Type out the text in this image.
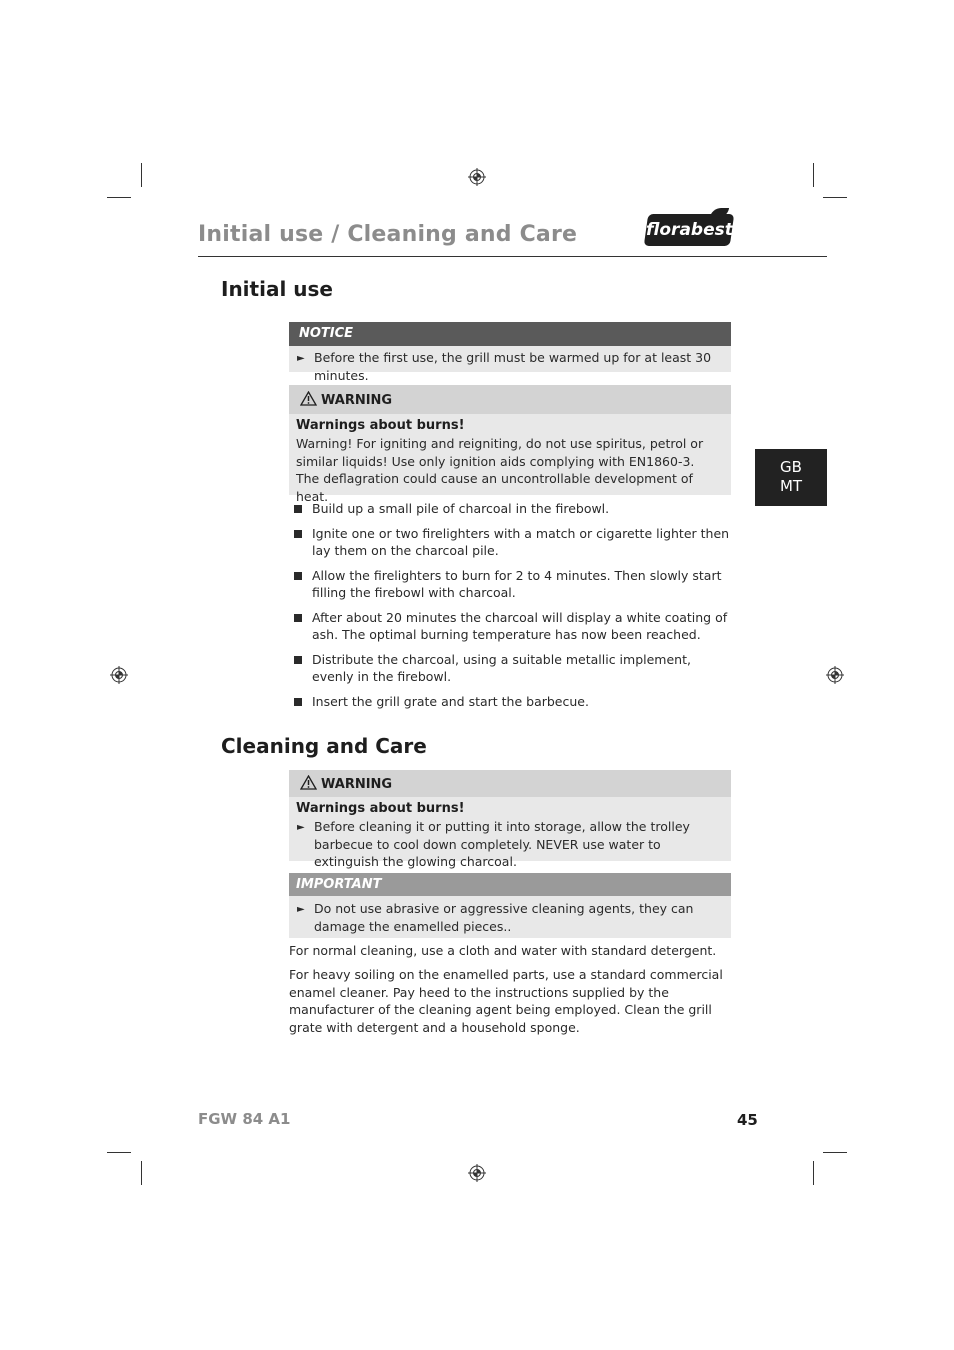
Initial use / Cleaning and Care	florabest
GB
MT
Initial use
NOTICE
► Before the first use, the grill must be warmed up for at least 30 minutes.
WARNING
Warnings about burns!
Warning! For igniting and reigniting, do not use spiritus, petrol or similar liquids! Use only ignition aids complying with EN1860-3. The deflagration could cause an uncontrollable development of heat.
Build up a small pile of charcoal in the firebowl.
Ignite one or two firelighters with a match or cigarette lighter then lay them on the charcoal pile.
Allow the firelighters to burn for 2 to 4 minutes. Then slowly start filling the firebowl with charcoal.
After about 20 minutes the charcoal will display a white coating of ash. The optimal burning temperature has now been reached.
Distribute the charcoal, using a suitable metallic implement, evenly in the firebowl.
Insert the grill grate and start the barbecue.
Cleaning and Care
WARNING
Warnings about burns!
► Before cleaning it or putting it into storage, allow the trolley barbecue to cool down completely. NEVER use water to extinguish the glowing charcoal.
IMPORTANT
► Do not use abrasive or aggressive cleaning agents, they can damage the enamelled pieces..
For normal cleaning, use a cloth and water with standard detergent.
For heavy soiling on the enamelled parts, use a standard commercial enamel cleaner. Pay heed to the instructions supplied by the manufacturer of the cleaning agent being employed. Clean the grill grate with detergent and a household sponge.
FGW 84 A1	45
